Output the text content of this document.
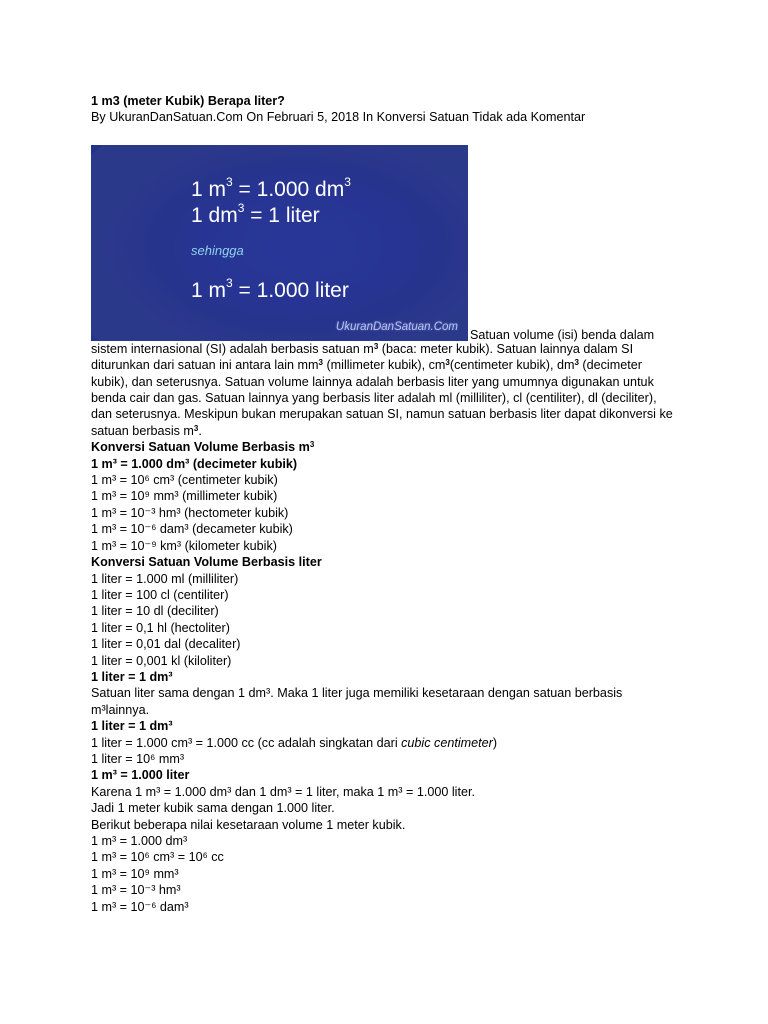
1 m3 (meter Kubik) Berapa liter?
By UkuranDanSatuan.Com On Februari 5, 2018 In Konversi Satuan Tidak ada Komentar
1 $m^3 = 1.000$ $dm^3$
1 $dm^3 = 1$ liter
sehingga
1 $m^3 = 1.000$ liter
UkuranDanSatuan.Com
Satuan volume (isi) benda dalam
sistem internasional (SI) adalah berbasis satuan $m^3$ (baca: meter kubik). Satuan lainnya dalam SI diturunkan dari satuan ini antara lain $mm^3$ (millimeter kubik), $cm^3(centimeter$ kubik), $dm^3$ (decimeter kubik), dan seterusnya. Satuan volume lainnya adalah berbasis liter yang umumnya digunakan untuk benda cair dan gas. Satuan lainnya yang berbasis liter adalah ml (milliliter), cl (centiliter), dl (deciliter), dan seterusnya. Meskipun bukan merupakan satuan SI, namun satuan berbasis liter dapat dikonversi ke satuan berbasis $m^3$.
Konversi Satuan Volume Berbasis $m^3$
1 m³ = 1.000 dm³ (decimeter kubik)
1 m³ = 10⁶ cm³ (centimeter kubik)
1 m³ = 10⁹ mm³ (millimeter kubik)
1 m³ = 10⁻³ hm³ (hectometer kubik)
1 m³ = 10⁻⁶ dam³ (decameter kubik)
1 m³ = 10⁻⁹ km³ (kilometer kubik)
Konversi Satuan Volume Berbasis liter
1 liter = 1.000 ml (milliliter)
1 liter = 100 cl (centiliter)
1 liter = 10 dl (deciliter)
1 liter = 0,1 hl (hectoliter)
1 liter = 0,01 dal (decaliter)
1 liter = 0,001 kl (kiloliter)
1 liter = 1 dm³
Satuan liter sama dengan 1 dm³. Maka 1 liter juga memiliki kesetaraan dengan satuan berbasis m³lainnya.
1 liter = 1 dm³
1 liter = 1.000 cm³ = 1.000 cc (cc adalah singkatan dari cubic centimeter)
1 liter = 10⁶ mm³
1 m³ = 1.000 liter
Karena 1 m³ = 1.000 dm³ dan 1 dm³ = 1 liter, maka 1 m³ = 1.000 liter.
Jadi 1 meter kubik sama dengan 1.000 liter.
Berikut beberapa nilai kesetaraan volume 1 meter kubik.
1 m³ = 1.000 dm³
1 m³ = 10⁶ cm³ = 10⁶ cc
1 m³ = 10⁹ mm³
1 m³ = 10⁻³ hm³
1 m³ = 10⁻⁶ dam³
